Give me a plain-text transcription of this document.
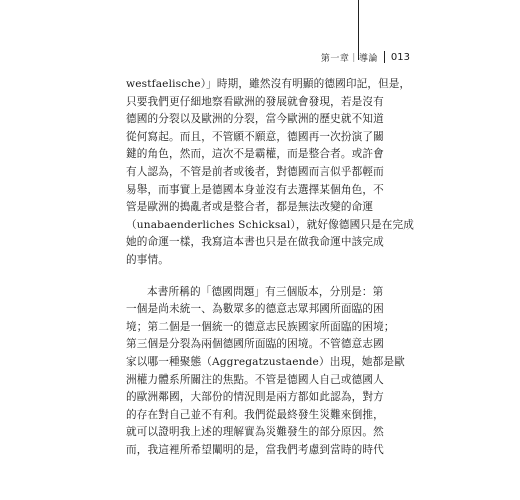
第一章｜導論 013

westfaelische）」時期，雖然沒有明顯的德國印記，但是，
只要我們更仔細地察看歐洲的發展就會發現，若是沒有
德國的分裂以及歐洲的分裂，當今歐洲的歷史就不知道
從何寫起。而且，不管願不願意，德國再一次扮演了關
鍵的角色，然而，這次不是霸權，而是整合者。或許會
有人認為，不管是前者或後者，對德國而言似乎都輕而
易舉，而事實上是德國本身並沒有去選擇某個角色，不
管是歐洲的搗亂者或是整合者，都是無法改變的命運
（unabaenderliches Schicksal），就好像德國只是在完成
她的命運一樣，我寫這本書也只是在做我命運中該完成
的事情。

本書所稱的「德國問題」有三個版本，分別是：第
一個是尚未統一、為數眾多的德意志眾邦國所面臨的困
境；第二個是一個統一的德意志民族國家所面臨的困境；
第三個是分裂為兩個德國所面臨的困境。不管德意志國
家以哪一種聚態（Aggregatzustaende）出現，她都是歐
洲權力體系所關注的焦點。不管是德國人自己或德國人
的歐洲鄰國，大部份的情況則是兩方都如此認為，對方
的存在對自己並不有利。我們從最終發生災難來倒推，
就可以證明我上述的理解實為災難發生的部分原因。然
而，我這裡所希望闡明的是，當我們考慮到當時的時代
